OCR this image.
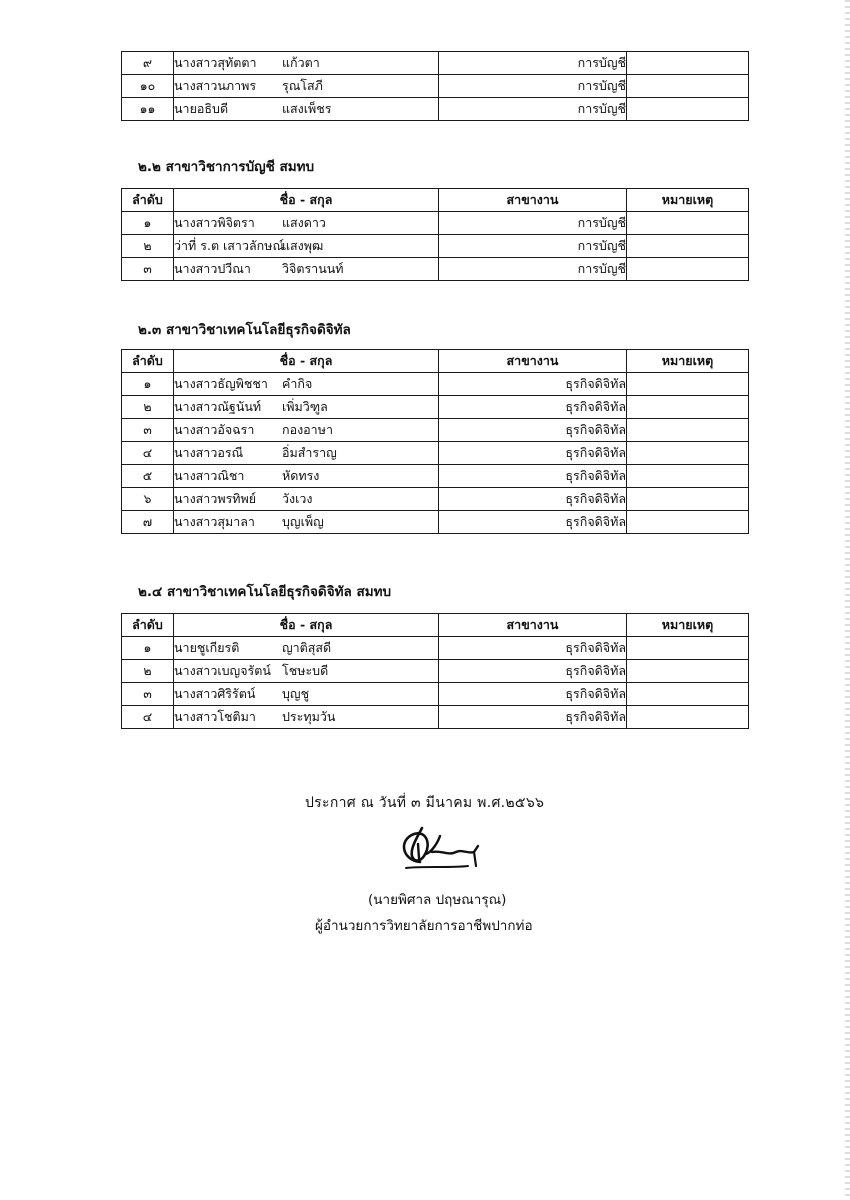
๙	นางสาวสุทัตตา แก้วตา	การบัญชี	
๑๐	นางสาวนภาพร รุณโสภี	การบัญชี	
๑๑	นายอธิบดี แสงเพ็ชร	การบัญชี	
๒.๒ สาขาวิชาการบัญชี สมทบ
ลำดับ	ชื่อ - สกุล	สาขางาน	หมายเหตุ
๑	นางสาวพิจิตรา แสงดาว	การบัญชี	
๒	ว่าที่ ร.ต เสาวลักษณ์แสงพุฒ	การบัญชี	
๓	นางสาวปวีณา วิจิตรานนท์	การบัญชี	
๒.๓ สาขาวิชาเทคโนโลยีธุรกิจดิจิทัล
ลำดับ	ชื่อ - สกุล	สาขางาน	หมายเหตุ
๑	นางสาวธัญพิชชา คำกิจ	ธุรกิจดิจิทัล	
๒	นางสาวณัฐนันท์ เพิ่มวิฑูล	ธุรกิจดิจิทัล	
๓	นางสาวอัจฉรา กองอาษา	ธุรกิจดิจิทัล	
๔	นางสาวอรณี อิ่มสำราญ	ธุรกิจดิจิทัล	
๕	นางสาวณิชา หัดทรง	ธุรกิจดิจิทัล	
๖	นางสาวพรทิพย์ วังเวง	ธุรกิจดิจิทัล	
๗	นางสาวสุมาลา บุญเพ็ญ	ธุรกิจดิจิทัล	
๒.๔ สาขาวิชาเทคโนโลยีธุรกิจดิจิทัล สมทบ
ลำดับ	ชื่อ - สกุล	สาขางาน	หมายเหตุ
๑	นายชูเกียรติ ญาติสุสดี	ธุรกิจดิจิทัล	
๒	นางสาวเบญจรัตน์ โชษะบดี	ธุรกิจดิจิทัล	
๓	นางสาวศิริรัตน์ บุญชู	ธุรกิจดิจิทัล	
๔	นางสาวโชติมา ประทุมวัน	ธุรกิจดิจิทัล	
ประกาศ ณ วันที่ ๓ มีนาคม พ.ศ.๒๕๖๖
(นายพิศาล ปฤษณารุณ)
ผู้อำนวยการวิทยาลัยการอาชีพปากท่อ
